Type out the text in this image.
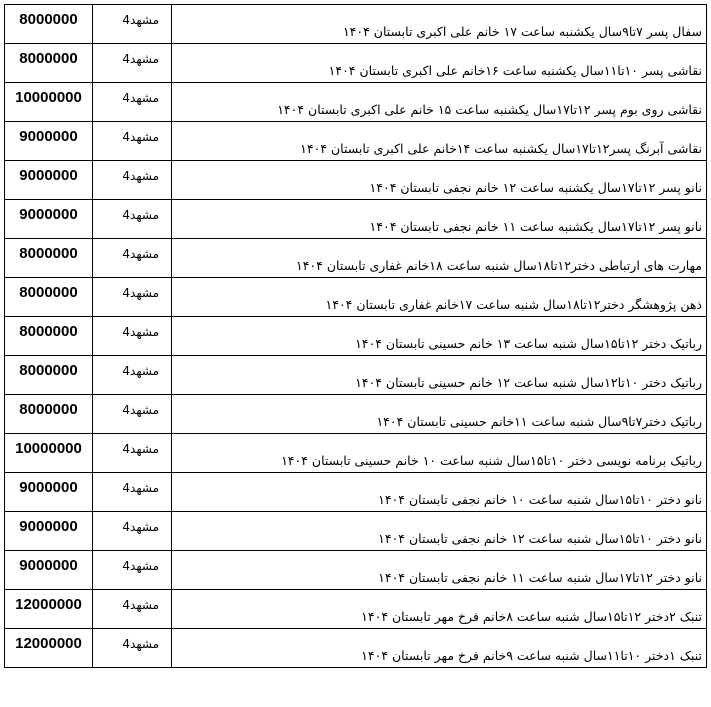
8000000	مشهد4	سفال پسر ۷تا۹سال یکشنبه ساعت ۱۷ خانم علی اکبری تابستان ۱۴۰۴
8000000	مشهد4	نقاشی پسر ۱۰تا۱۱سال یکشنبه ساعت ۱۶خانم علی اکبری تابستان ۱۴۰۴
10000000	مشهد4	نقاشی روی بوم پسر ۱۲تا۱۷سال یکشنبه ساعت ۱۵ خانم علی اکبری تابستان ۱۴۰۴
9000000	مشهد4	نقاشی آبرنگ پسر۱۲تا۱۷سال یکشنبه ساعت ۱۴خانم علی اکبری تابستان ۱۴۰۴
9000000	مشهد4	نانو پسر ۱۲تا۱۷سال یکشنبه ساعت ۱۲ خانم نجفی تابستان ۱۴۰۴
9000000	مشهد4	نانو پسر ۱۲تا۱۷سال یکشنبه ساعت ۱۱ خانم نجفی تابستان ۱۴۰۴
8000000	مشهد4	مهارت های ارتباطی دختر۱۲تا۱۸سال شنبه ساعت ۱۸خانم غفاری تابستان ۱۴۰۴
8000000	مشهد4	ذهن پژوهشگر دختر۱۲تا۱۸سال شنبه ساعت ۱۷خانم غفاری تابستان ۱۴۰۴
8000000	مشهد4	رباتیک دختر ۱۲تا۱۵سال شنبه ساعت ۱۳ خانم حسینی تابستان ۱۴۰۴
8000000	مشهد4	رباتیک دختر ۱۰تا۱۲سال شنبه ساعت ۱۲ خانم حسینی تابستان ۱۴۰۴
8000000	مشهد4	رباتیک دختر۷تا۹سال شنبه ساعت ۱۱خانم حسینی تابستان ۱۴۰۴
10000000	مشهد4	رباتیک برنامه نویسی دختر ۱۰تا۱۵سال شنبه ساعت ۱۰ خانم حسینی تابستان ۱۴۰۴
9000000	مشهد4	نانو دختر ۱۰تا۱۵سال شنبه ساعت ۱۰ خانم نجفی تابستان ۱۴۰۴
9000000	مشهد4	نانو دختر ۱۰تا۱۵سال شنبه ساعت ۱۲ خانم نجفی تابستان ۱۴۰۴
9000000	مشهد4	نانو دختر ۱۲تا۱۷سال شنبه ساعت ۱۱ خانم نجفی تابستان ۱۴۰۴
12000000	مشهد4	تنبک ۲دختر ۱۲تا۱۵سال شنبه ساعت ۸خانم فرخ مهر تابستان ۱۴۰۴
12000000	مشهد4	تنبک ۱دختر ۱۰تا۱۱سال شنبه ساعت ۹خانم فرخ مهر تابستان ۱۴۰۴
